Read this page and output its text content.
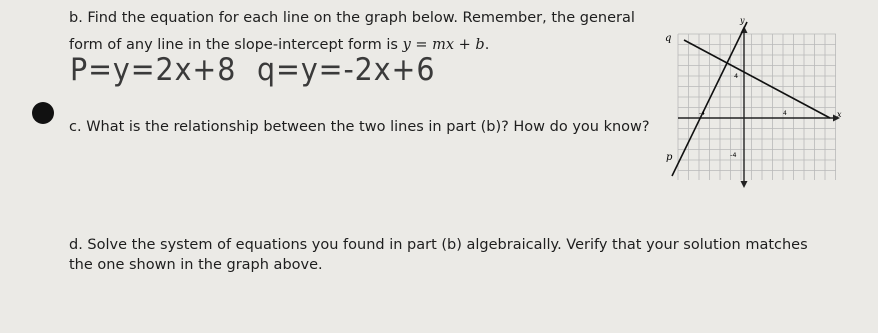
b. Find the equation for each line on the graph below. Remember, the general
form of any line in the slope-intercept form is y = mx + b.
P=y=2x+8 q=y=-2x+6
c. What is the relationship between the two lines in part (b)? How do you know?
d. Solve the system of equations you found in part (b) algebraically. Verify that your solution matches
the one shown in the graph above.
y
x
q
p
4
-4
-4	4
